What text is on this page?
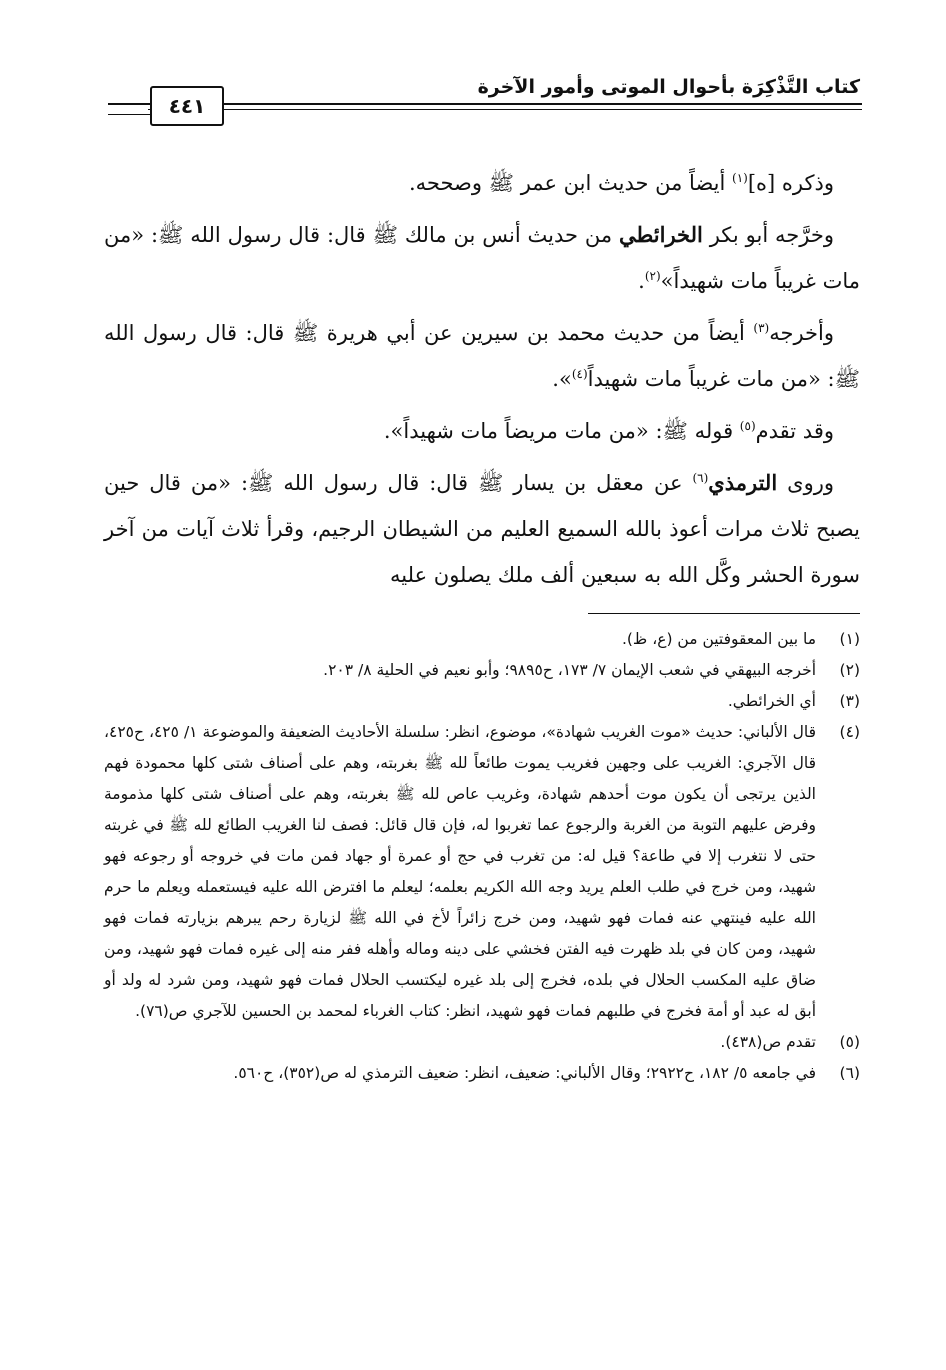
كتاب التَّذْكِرَة بأحوال الموتى وأمور الآخرة
٤٤١

وذكره [ه]$^{(١)}$ أيضاً من حديث ابن عمر ﷺ وصححه.

وخرَّجه أبو بكر الخرائطي من حديث أنس بن مالك ﷺ قال: قال رسول الله ﷺ: «من مات غريباً مات شهيداً»$^{(٢)}$.

وأخرجه$^{(٣)}$ أيضاً من حديث محمد بن سيرين عن أبي هريرة ﷺ قال: قال رسول الله ﷺ: «من مات غريباً مات شهيداً$^{(٤)}$».

وقد تقدم$^{(٥)}$ قوله ﷺ: «من مات مريضاً مات شهيداً».

وروى الترمذي$^{(٦)}$ عن معقل بن يسار ﷺ قال: قال رسول الله ﷺ: «من قال حين يصبح ثلاث مرات أعوذ بالله السميع العليم من الشيطان الرجيم، وقرأ ثلاث آيات من آخر سورة الحشر وكَّل الله به سبعين ألف ملك يصلون عليه

(١)
ما بين المعقوفتين من (ع، ظ).
(٢)
أخرجه البيهقي في شعب الإيمان ٧/ ١٧٣، ح٩٨٩٥؛ وأبو نعيم في الحلية ٨/ ٢٠٣.
(٣)
أي الخرائطي.
(٤)
قال الألباني: حديث «موت الغريب شهادة»، موضوع، انظر: سلسلة الأحاديث الضعيفة والموضوعة ١/ ٤٢٥، ح٤٢٥، قال الآجري: الغريب على وجهين فغريب يموت طائعاً لله ﷺ بغربته، وهم على أصناف شتى كلها محمودة فهم الذين يرتجى أن يكون موت أحدهم شهادة، وغريب عاص لله ﷺ بغربته، وهم على أصناف شتى كلها مذمومة وفرض عليهم التوبة من الغربة والرجوع عما تغربوا له، فإن قال قائل: فصف لنا الغريب الطائع لله ﷺ في غربته حتى لا نتغرب إلا في طاعة؟ قيل له: من تغرب في حج أو عمرة أو جهاد فمن مات في خروجه أو رجوعه فهو شهيد، ومن خرج في طلب العلم يريد وجه الله الكريم بعلمه؛ ليعلم ما افترض الله عليه فيستعمله ويعلم ما حرم الله عليه فينتهي عنه فمات فهو شهيد، ومن خرج زائراً لأخ في الله ﷺ لزيارة رحم يبرهم بزيارته فمات فهو شهيد، ومن كان في بلد ظهرت فيه الفتن فخشي على دينه وماله وأهله ففر منه إلى غيره فمات فهو شهيد، ومن ضاق عليه المكسب الحلال في بلده، فخرج إلى بلد غيره ليكتسب الحلال فمات فهو شهيد، ومن شرد له ولد أو أبق له عبد أو أمة فخرج في طلبهم فمات فهو شهيد، انظر: كتاب الغرباء لمحمد بن الحسين للآجري ص(٧٦).
(٥)
تقدم ص(٤٣٨).
(٦)
في جامعه ٥/ ١٨٢، ح٢٩٢٢؛ وقال الألباني: ضعيف، انظر: ضعيف الترمذي له ص(٣٥٢)، ح٥٦٠.
